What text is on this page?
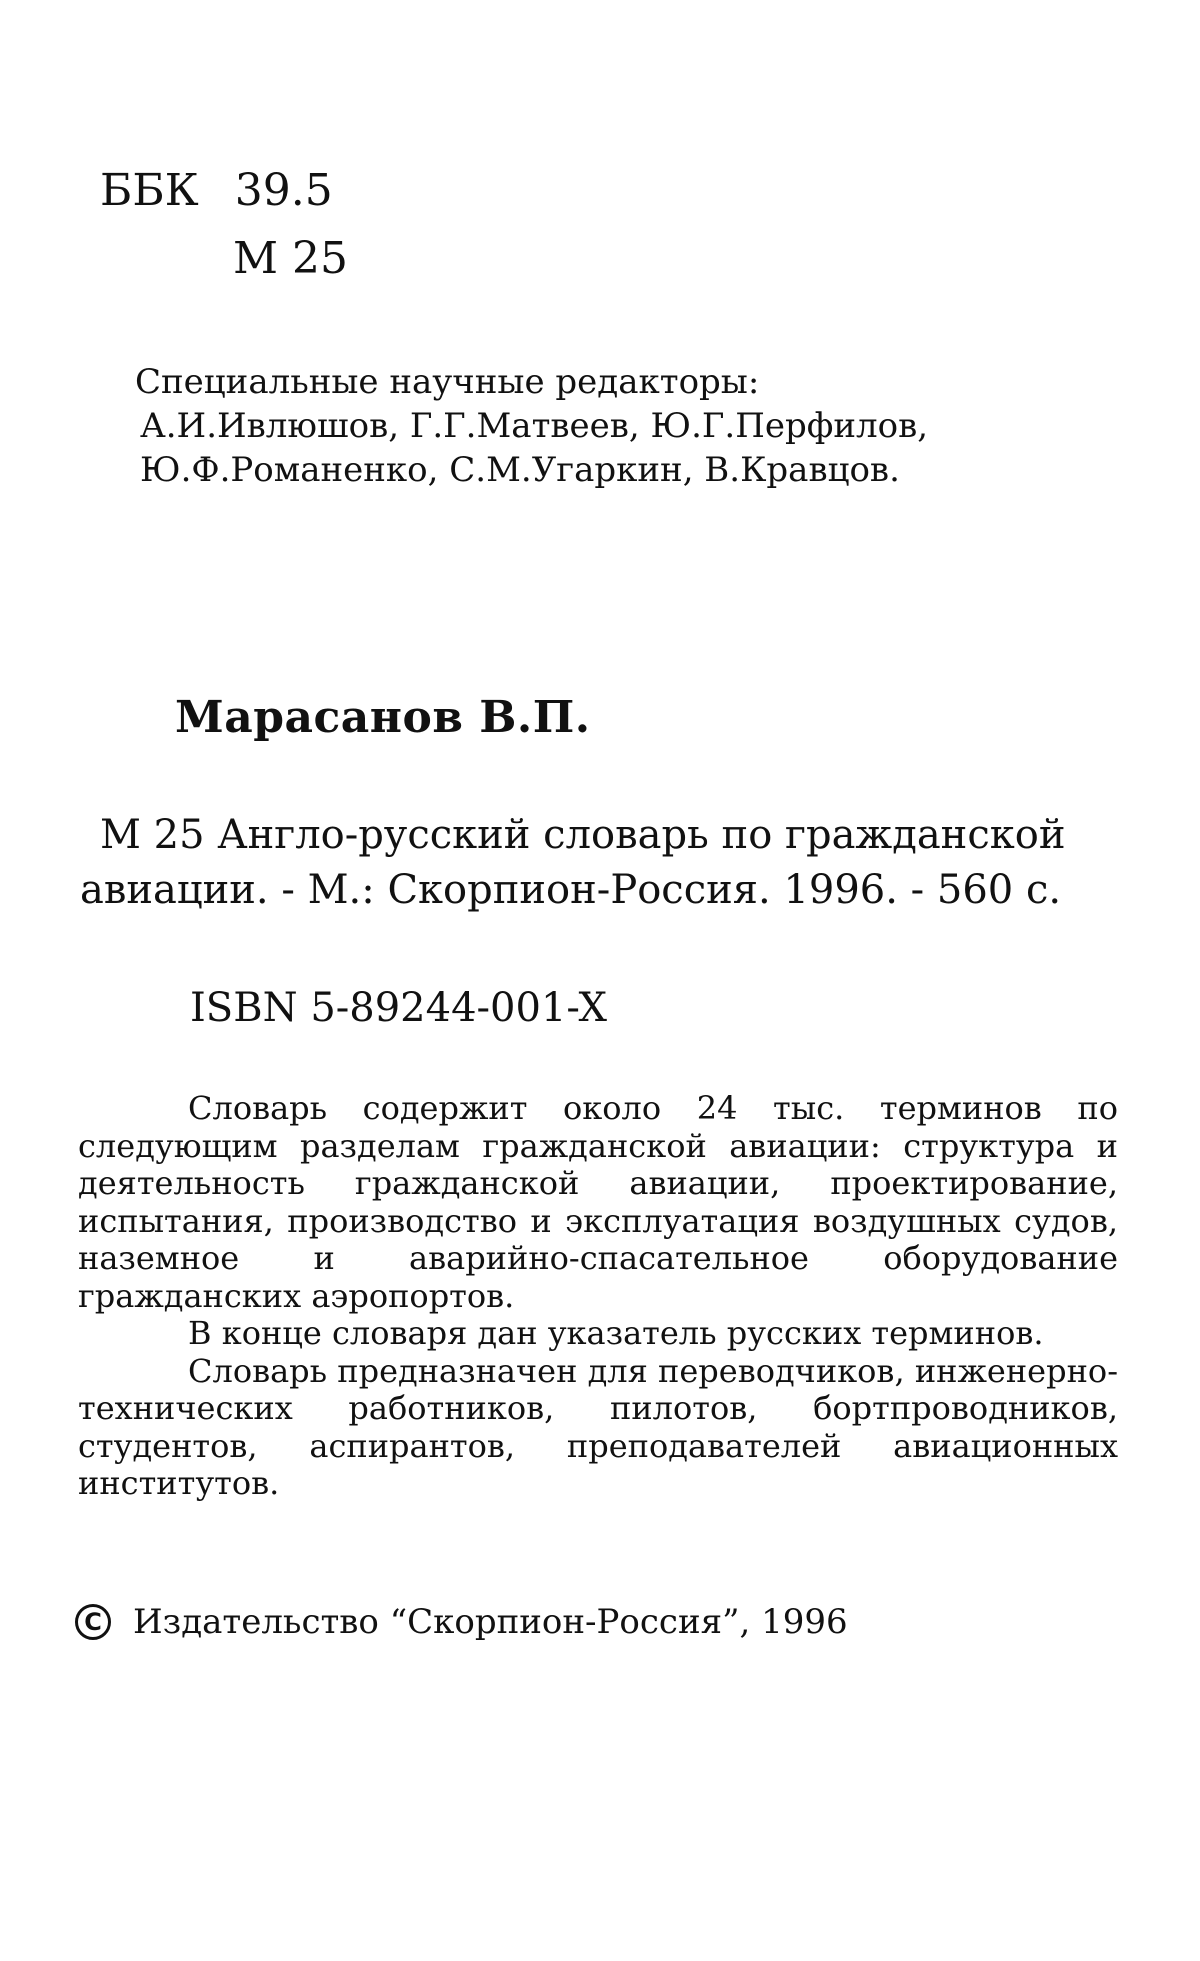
ББК 39.5
М 25
Специальные научные редакторы:
А.И.Ивлюшов, Г.Г.Матвеев, Ю.Г.Перфилов,
Ю.Ф.Романенко, С.М.Угаркин, В.Кравцов.
Марасанов В.П.
М 25 Англо-русский словарь по гражданской
авиации. - М.: Скорпион-Россия. 1996. - 560 с.
ISBN 5-89244-001-X

Словарь содержит около 24 тыс. терминов по следующим разделам гражданской авиации: структура и деятельность гражданской авиации, проектирование, испытания, производство и эксплуатация воздушных судов, наземное и аварийно-спасательное оборудование гражданских аэропортов.

В конце словаря дан указатель русских терминов.

Словарь предназначен для переводчиков, инженерно-технических работников, пилотов, бортпроводников, студентов, аспирантов, преподавателей авиационных институтов.

C Издательство “Скорпион-Россия”, 1996
